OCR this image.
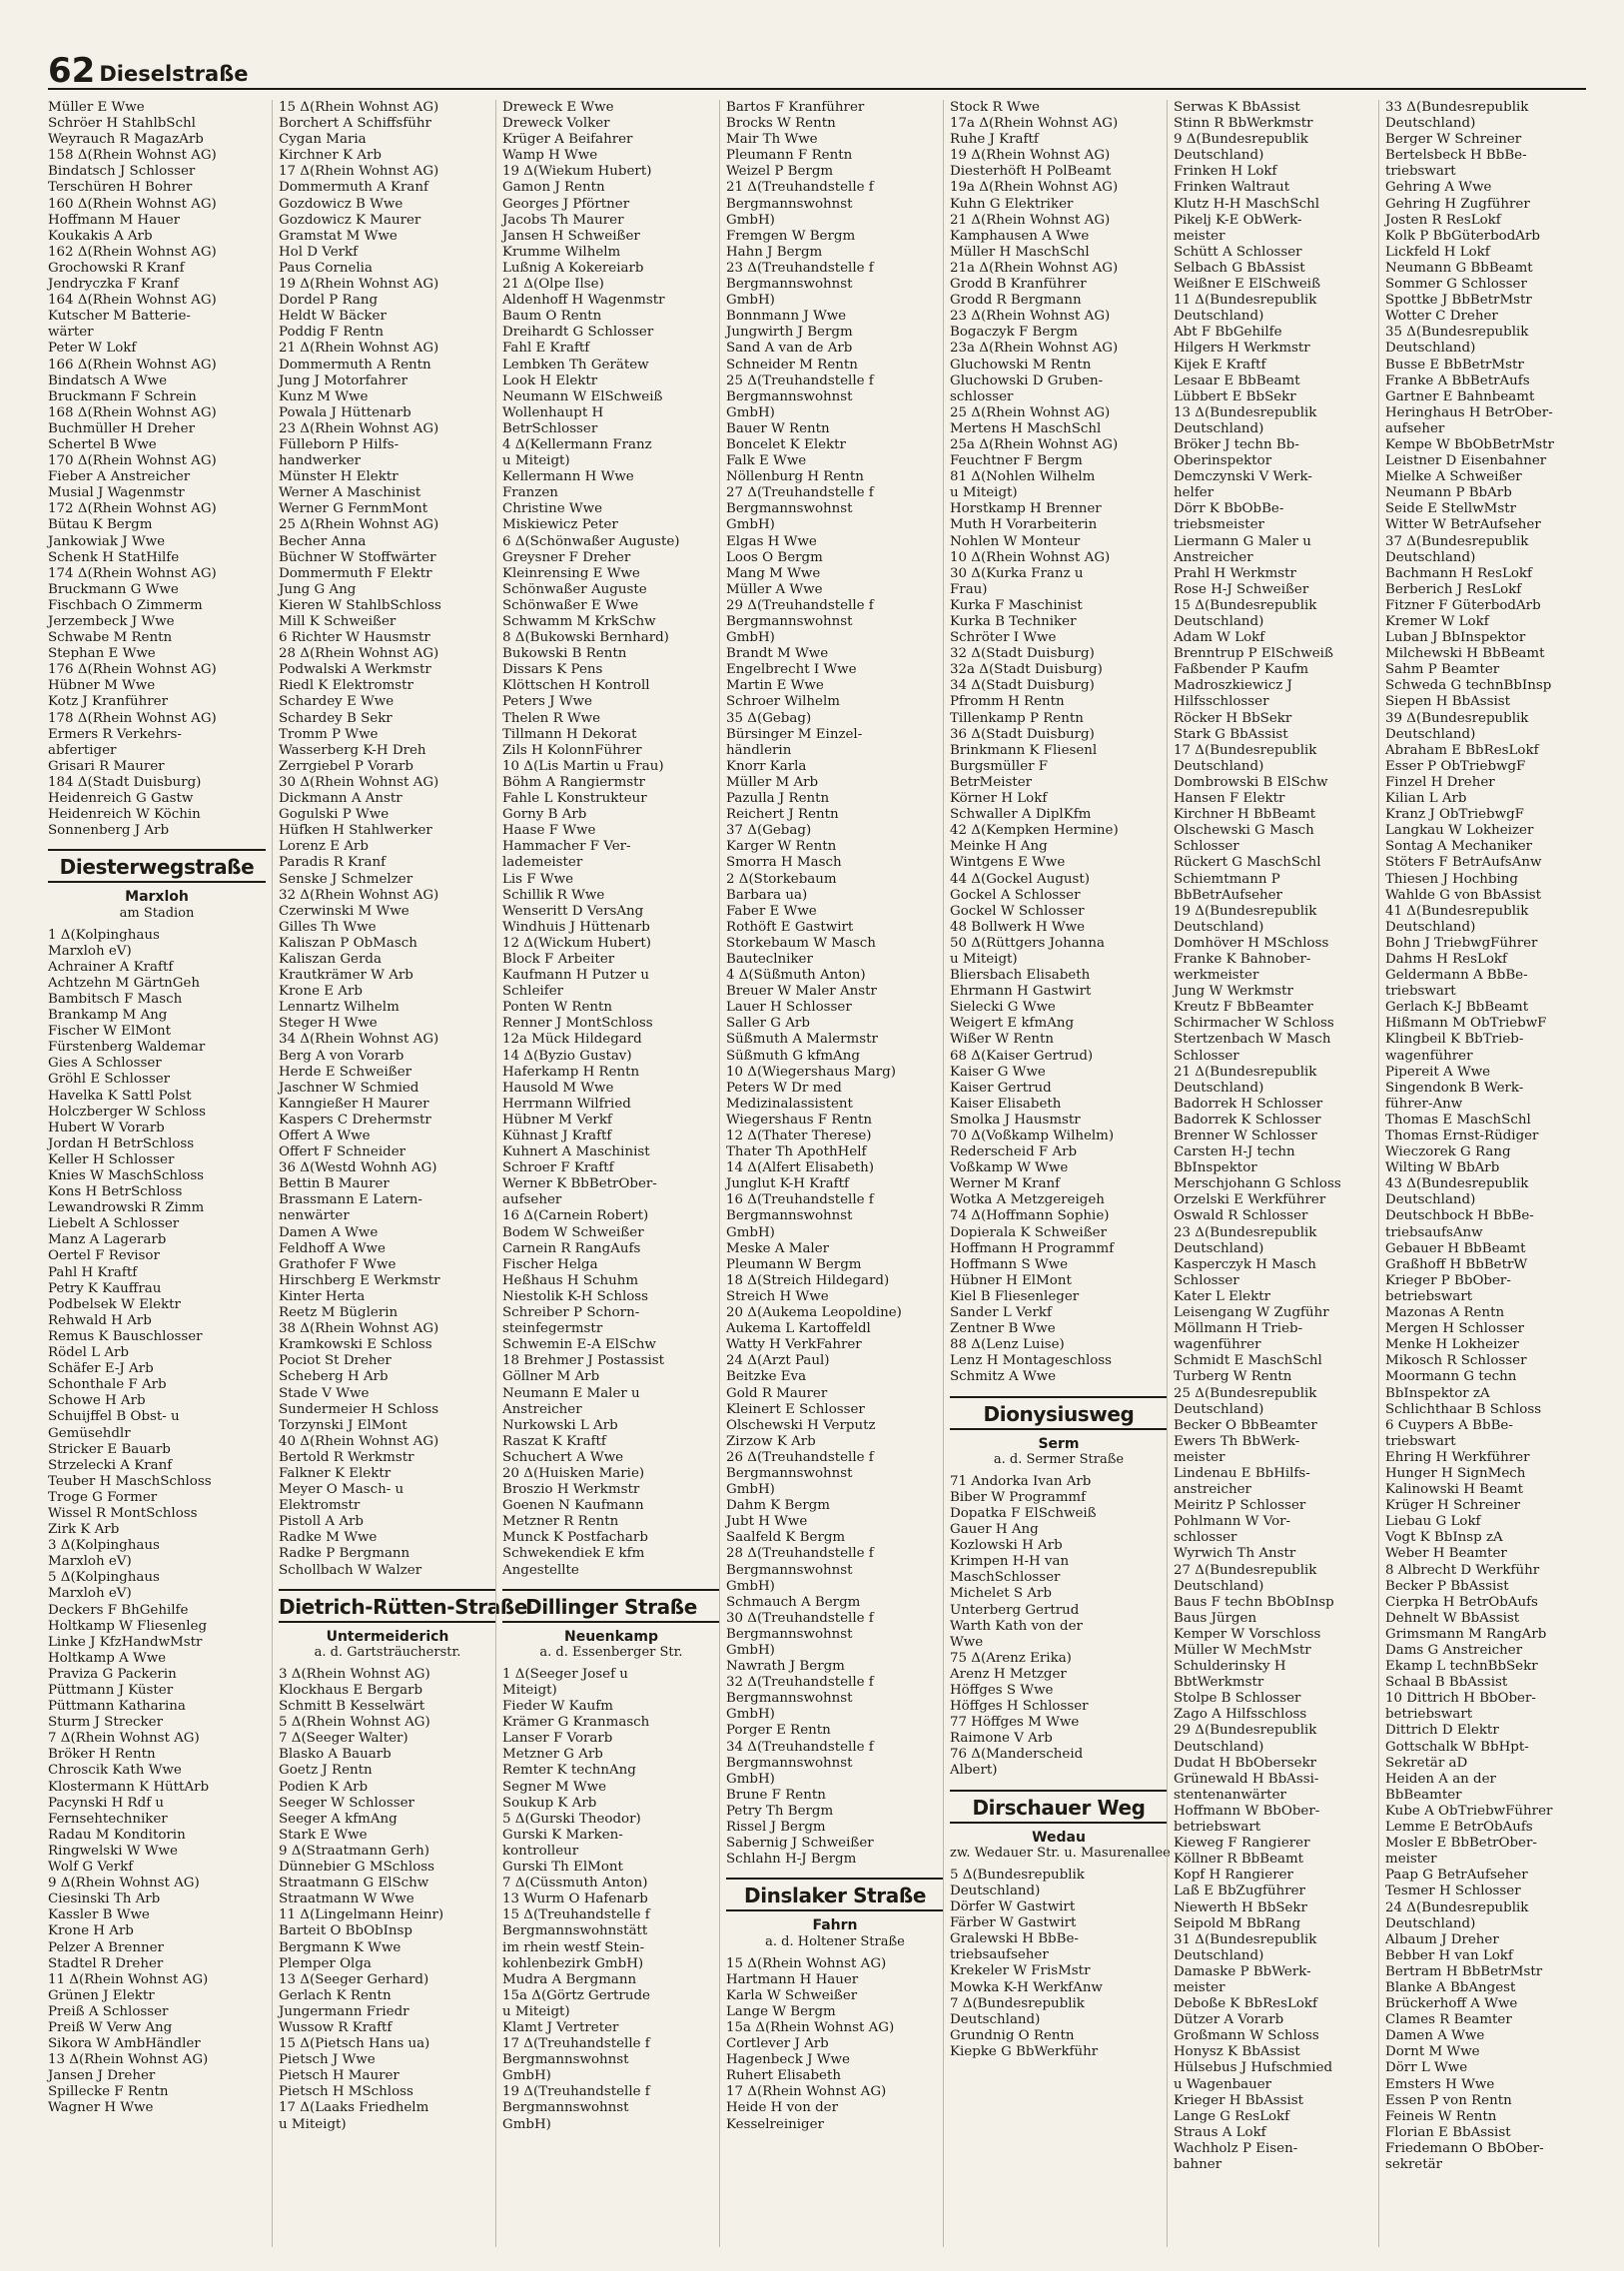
62 Dieselstraße
Müller E Wwe
Schröer H StahlbSchl
Weyrauch R MagazArb
158 Δ(Rhein Wohnst AG)
Bindatsch J Schlosser
Terschüren H Bohrer
160 Δ(Rhein Wohnst AG)
Hoffmann M Hauer
Koukakis A Arb
162 Δ(Rhein Wohnst AG)
Grochowski R Kranf
Jendryczka F Kranf
164 Δ(Rhein Wohnst AG)
Kutscher M Batterie-
wärter
Peter W Lokf
166 Δ(Rhein Wohnst AG)
Bindatsch A Wwe
Bruckmann F Schrein
168 Δ(Rhein Wohnst AG)
Buchmüller H Dreher
Schertel B Wwe
170 Δ(Rhein Wohnst AG)
Fieber A Anstreicher
Musial J Wagenmstr
172 Δ(Rhein Wohnst AG)
Bütau K Bergm
Jankowiak J Wwe
Schenk H StatHilfe
174 Δ(Rhein Wohnst AG)
Bruckmann G Wwe
Fischbach O Zimmerm
Jerzembeck J Wwe
Schwabe M Rentn
Stephan E Wwe
176 Δ(Rhein Wohnst AG)
Hübner M Wwe
Kotz J Kranführer
178 Δ(Rhein Wohnst AG)
Ermers R Verkehrs-
abfertiger
Grisari R Maurer
184 Δ(Stadt Duisburg)
Heidenreich G Gastw
Heidenreich W Köchin
Sonnenberg J Arb
Diesterwegstraße
Marxloh
am Stadion
1 Δ(Kolpinghaus
Marxloh eV)
Achrainer A Kraftf
Achtzehn M GärtnGeh
Bambitsch F Masch
Brankamp M Ang
Fischer W ElMont
Fürstenberg Waldemar
Gies A Schlosser
Gröhl E Schlosser
Havelka K Sattl Polst
Holczberger W Schloss
Hubert W Vorarb
Jordan H BetrSchloss
Keller H Schlosser
Knies W MaschSchloss
Kons H BetrSchloss
Lewandrowski R Zimm
Liebelt A Schlosser
Manz A Lagerarb
Oertel F Revisor
Pahl H Kraftf
Petry K Kauffrau
Podbelsek W Elektr
Rehwald H Arb
Remus K Bauschlosser
Rödel L Arb
Schäfer E-J Arb
Schonthale F Arb
Schowe H Arb
Schuijffel B Obst- u
Gemüsehdlr
Stricker E Bauarb
Strzelecki A Kranf
Teuber H MaschSchloss
Troge G Former
Wissel R MontSchloss
Zirk K Arb
3 Δ(Kolpinghaus
Marxloh eV)
5 Δ(Kolpinghaus
Marxloh eV)
Deckers F BhGehilfe
Holtkamp W Fliesenleg
Linke J KfzHandwMstr
Holtkamp A Wwe
Praviza G Packerin
Püttmann J Küster
Püttmann Katharina
Sturm J Strecker
7 Δ(Rhein Wohnst AG)
Bröker H Rentn
Chroscik Kath Wwe
Klostermann K HüttArb
Pacynski H Rdf u
Fernsehtechniker
Radau M Konditorin
Ringwelski W Wwe
Wolf G Verkf
9 Δ(Rhein Wohnst AG)
Ciesinski Th Arb
Kassler B Wwe
Krone H Arb
Pelzer A Brenner
Stadtel R Dreher
11 Δ(Rhein Wohnst AG)
Grünen J Elektr
Preiß A Schlosser
Preiß W Verw Ang
Sikora W AmbHändler
13 Δ(Rhein Wohnst AG)
Jansen J Dreher
Spillecke F Rentn
Wagner H Wwe
15 Δ(Rhein Wohnst AG)
Borchert A Schiffsführ
Cygan Maria
Kirchner K Arb
17 Δ(Rhein Wohnst AG)
Dommermuth A Kranf
Gozdowicz B Wwe
Gozdowicz K Maurer
Gramstat M Wwe
Hol D Verkf
Paus Cornelia
19 Δ(Rhein Wohnst AG)
Dordel P Rang
Heldt W Bäcker
Poddig F Rentn
21 Δ(Rhein Wohnst AG)
Dommermuth A Rentn
Jung J Motorfahrer
Kunz M Wwe
Powala J Hüttenarb
23 Δ(Rhein Wohnst AG)
Fülleborn P Hilfs-
handwerker
Münster H Elektr
Werner A Maschinist
Werner G FernmMont
25 Δ(Rhein Wohnst AG)
Becher Anna
Büchner W Stoffwärter
Dommermuth F Elektr
Jung G Ang
Kieren W StahlbSchloss
Mill K Schweißer
6 Richter W Hausmstr
28 Δ(Rhein Wohnst AG)
Podwalski A Werkmstr
Riedl K Elektromstr
Schardey E Wwe
Schardey B Sekr
Tromm P Wwe
Wasserberg K-H Dreh
Zerrgiebel P Vorarb
30 Δ(Rhein Wohnst AG)
Dickmann A Anstr
Gogulski P Wwe
Hüfken H Stahlwerker
Lorenz E Arb
Paradis R Kranf
Senske J Schmelzer
32 Δ(Rhein Wohnst AG)
Czerwinski M Wwe
Gilles Th Wwe
Kaliszan P ObMasch
Kaliszan Gerda
Krautkrämer W Arb
Krone E Arb
Lennartz Wilhelm
Steger H Wwe
34 Δ(Rhein Wohnst AG)
Berg A von Vorarb
Herde E Schweißer
Jaschner W Schmied
Kanngießer H Maurer
Kaspers C Drehermstr
Offert A Wwe
Offert F Schneider
36 Δ(Westd Wohnh AG)
Bettin B Maurer
Brassmann E Latern-
nenwärter
Damen A Wwe
Feldhoff A Wwe
Grathofer F Wwe
Hirschberg E Werkmstr
Kinter Herta
Reetz M Büglerin
38 Δ(Rhein Wohnst AG)
Kramkowski E Schloss
Pociot St Dreher
Scheberg H Arb
Stade V Wwe
Sundermeier H Schloss
Torzynski J ElMont
40 Δ(Rhein Wohnst AG)
Bertold R Werkmstr
Falkner K Elektr
Meyer O Masch- u
Elektromstr
Pistoll A Arb
Radke M Wwe
Radke P Bergmann
Schollbach W Walzer
Dietrich-Rütten-Straße
Untermeiderich
a. d. Gartsträucherstr.
3 Δ(Rhein Wohnst AG)
Klockhaus E Bergarb
Schmitt B Kesselwärt
5 Δ(Rhein Wohnst AG)
7 Δ(Seeger Walter)
Blasko A Bauarb
Goetz J Rentn
Podien K Arb
Seeger W Schlosser
Seeger A kfmAng
Stark E Wwe
9 Δ(Straatmann Gerh)
Dünnebier G MSchloss
Straatmann G ElSchw
Straatmann W Wwe
11 Δ(Lingelmann Heinr)
Barteit O BbObInsp
Bergmann K Wwe
Plemper Olga
13 Δ(Seeger Gerhard)
Gerlach K Rentn
Jungermann Friedr
Wussow R Kraftf
15 Δ(Pietsch Hans ua)
Pietsch J Wwe
Pietsch H Maurer
Pietsch H MSchloss
17 Δ(Laaks Friedhelm
u Miteigt)
Dreweck E Wwe
Dreweck Volker
Krüger A Beifahrer
Wamp H Wwe
19 Δ(Wiekum Hubert)
Gamon J Rentn
Georges J Pförtner
Jacobs Th Maurer
Jansen H Schweißer
Krumme Wilhelm
Lußnig A Kokereiarb
21 Δ(Olpe Ilse)
Aldenhoff H Wagenmstr
Baum O Rentn
Dreihardt G Schlosser
Fahl E Kraftf
Lembken Th Gerätew
Look H Elektr
Neumann W ElSchweiß
Wollenhaupt H
BetrSchlosser
4 Δ(Kellermann Franz
u Miteigt)
Kellermann H Wwe
Franzen
Christine Wwe
Miskiewicz Peter
6 Δ(Schönwaßer Auguste)
Greysner F Dreher
Kleinrensing E Wwe
Schönwaßer Auguste
Schönwaßer E Wwe
Schwamm M KrkSchw
8 Δ(Bukowski Bernhard)
Bukowski B Rentn
Dissars K Pens
Klöttschen H Kontroll
Peters J Wwe
Thelen R Wwe
Tillmann H Dekorat
Zils H KolonnFührer
10 Δ(Lis Martin u Frau)
Böhm A Rangiermstr
Fahle L Konstrukteur
Gorny B Arb
Haase F Wwe
Hammacher F Ver-
lademeister
Lis F Wwe
Schillik R Wwe
Wenseritt D VersAng
Windhuis J Hüttenarb
12 Δ(Wickum Hubert)
Block F Arbeiter
Kaufmann H Putzer u
Schleifer
Ponten W Rentn
Renner J MontSchloss
12a Mück Hildegard
14 Δ(Byzio Gustav)
Haferkamp H Rentn
Hausold M Wwe
Herrmann Wilfried
Hübner M Verkf
Kühnast J Kraftf
Kuhnert A Maschinist
Schroer F Kraftf
Werner K BbBetrOber-
aufseher
16 Δ(Carnein Robert)
Bodem W Schweißer
Carnein R RangAufs
Fischer Helga
Heßhaus H Schuhm
Niestolik K-H Schloss
Schreiber P Schorn-
steinfegermstr
Schwemin E-A ElSchw
18 Brehmer J Postassist
Göllner M Arb
Neumann E Maler u
Anstreicher
Nurkowski L Arb
Raszat K Kraftf
Schuchert A Wwe
20 Δ(Huisken Marie)
Broszio H Werkmstr
Goenen N Kaufmann
Metzner R Rentn
Munck K Postfacharb
Schwekendiek E kfm
Angestellte
Dillinger Straße
Neuenkamp
a. d. Essenberger Str.
1 Δ(Seeger Josef u
Miteigt)
Fieder W Kaufm
Krämer G Kranmasch
Lanser F Vorarb
Metzner G Arb
Remter K technAng
Segner M Wwe
Soukup K Arb
5 Δ(Gurski Theodor)
Gurski K Marken-
kontrolleur
Gurski Th ElMont
7 Δ(Cüssmuth Anton)
13 Wurm O Hafenarb
15 Δ(Treuhandstelle f
Bergmannswohnstätt
im rhein westf Stein-
kohlenbezirk GmbH)
Mudra A Bergmann
15a Δ(Görtz Gertrude
u Miteigt)
Klamt J Vertreter
17 Δ(Treuhandstelle f
Bergmannswohnst
GmbH)
19 Δ(Treuhandstelle f
Bergmannswohnst
GmbH)
Bartos F Kranführer
Brocks W Rentn
Mair Th Wwe
Pleumann F Rentn
Weizel P Bergm
21 Δ(Treuhandstelle f
Bergmannswohnst
GmbH)
Fremgen W Bergm
Hahn J Bergm
23 Δ(Treuhandstelle f
Bergmannswohnst
GmbH)
Bonnmann J Wwe
Jungwirth J Bergm
Sand A van de Arb
Schneider M Rentn
25 Δ(Treuhandstelle f
Bergmannswohnst
GmbH)
Bauer W Rentn
Boncelet K Elektr
Falk E Wwe
Nöllenburg H Rentn
27 Δ(Treuhandstelle f
Bergmannswohnst
GmbH)
Elgas H Wwe
Loos O Bergm
Mang M Wwe
Müller A Wwe
29 Δ(Treuhandstelle f
Bergmannswohnst
GmbH)
Brandt M Wwe
Engelbrecht I Wwe
Martin E Wwe
Schroer Wilhelm
35 Δ(Gebag)
Bürsinger M Einzel-
händlerin
Knorr Karla
Müller M Arb
Pazulla J Rentn
Reichert J Rentn
37 Δ(Gebag)
Karger W Rentn
Smorra H Masch
2 Δ(Storkebaum
Barbara ua)
Faber E Wwe
Rothöft E Gastwirt
Storkebaum W Masch
Bauteclniker
4 Δ(Süßmuth Anton)
Breuer W Maler Anstr
Lauer H Schlosser
Saller G Arb
Süßmuth A Malermstr
Süßmuth G kfmAng
10 Δ(Wiegershaus Marg)
Peters W Dr med
Medizinalassistent
Wiegershaus F Rentn
12 Δ(Thater Therese)
Thater Th ApothHelf
14 Δ(Alfert Elisabeth)
Junglut K-H Kraftf
16 Δ(Treuhandstelle f
Bergmannswohnst
GmbH)
Meske A Maler
Pleumann W Bergm
18 Δ(Streich Hildegard)
Streich H Wwe
20 Δ(Aukema Leopoldine)
Aukema L Kartoffeldl
Watty H VerkFahrer
24 Δ(Arzt Paul)
Beitzke Eva
Gold R Maurer
Kleinert E Schlosser
Olschewski H Verputz
Zirzow K Arb
26 Δ(Treuhandstelle f
Bergmannswohnst
GmbH)
Dahm K Bergm
Jubt H Wwe
Saalfeld K Bergm
28 Δ(Treuhandstelle f
Bergmannswohnst
GmbH)
Schmauch A Bergm
30 Δ(Treuhandstelle f
Bergmannswohnst
GmbH)
Nawrath J Bergm
32 Δ(Treuhandstelle f
Bergmannswohnst
GmbH)
Porger E Rentn
34 Δ(Treuhandstelle f
Bergmannswohnst
GmbH)
Brune F Rentn
Petry Th Bergm
Rissel J Bergm
Sabernig J Schweißer
Schlahn H-J Bergm
Dinslaker Straße
Fahrn
a. d. Holtener Straße
15 Δ(Rhein Wohnst AG)
Hartmann H Hauer
Karla W Schweißer
Lange W Bergm
15a Δ(Rhein Wohnst AG)
Cortlever J Arb
Hagenbeck J Wwe
Ruhert Elisabeth
17 Δ(Rhein Wohnst AG)
Heide H von der
Kesselreiniger
Stock R Wwe
17a Δ(Rhein Wohnst AG)
Ruhe J Kraftf
19 Δ(Rhein Wohnst AG)
Diesterhöft H PolBeamt
19a Δ(Rhein Wohnst AG)
Kuhn G Elektriker
21 Δ(Rhein Wohnst AG)
Kamphausen A Wwe
Müller H MaschSchl
21a Δ(Rhein Wohnst AG)
Grodd B Kranführer
Grodd R Bergmann
23 Δ(Rhein Wohnst AG)
Bogaczyk F Bergm
23a Δ(Rhein Wohnst AG)
Gluchowski M Rentn
Gluchowski D Gruben-
schlosser
25 Δ(Rhein Wohnst AG)
Mertens H MaschSchl
25a Δ(Rhein Wohnst AG)
Feuchtner F Bergm
81 Δ(Nohlen Wilhelm
u Miteigt)
Horstkamp H Brenner
Muth H Vorarbeiterin
Nohlen W Monteur
10 Δ(Rhein Wohnst AG)
30 Δ(Kurka Franz u
Frau)
Kurka F Maschinist
Kurka B Techniker
Schröter I Wwe
32 Δ(Stadt Duisburg)
32a Δ(Stadt Duisburg)
34 Δ(Stadt Duisburg)
Pfromm H Rentn
Tillenkamp P Rentn
36 Δ(Stadt Duisburg)
Brinkmann K Fliesenl
Burgsmüller F
BetrMeister
Körner H Lokf
Schwaller A DiplKfm
42 Δ(Kempken Hermine)
Meinke H Ang
Wintgens E Wwe
44 Δ(Gockel August)
Gockel A Schlosser
Gockel W Schlosser
48 Bollwerk H Wwe
50 Δ(Rüttgers Johanna
u Miteigt)
Bliersbach Elisabeth
Ehrmann H Gastwirt
Sielecki G Wwe
Weigert E kfmAng
Wißer W Rentn
68 Δ(Kaiser Gertrud)
Kaiser G Wwe
Kaiser Gertrud
Kaiser Elisabeth
Smolka J Hausmstr
70 Δ(Voßkamp Wilhelm)
Rederscheid F Arb
Voßkamp W Wwe
Werner M Kranf
Wotka A Metzgereigeh
74 Δ(Hoffmann Sophie)
Dopierala K Schweißer
Hoffmann H Programmf
Hoffmann S Wwe
Hübner H ElMont
Kiel B Fliesenleger
Sander L Verkf
Zentner B Wwe
88 Δ(Lenz Luise)
Lenz H Montageschloss
Schmitz A Wwe
Dionysiusweg
Serm
a. d. Sermer Straße
71 Andorka Ivan Arb
Biber W Programmf
Dopatka F ElSchweiß
Gauer H Ang
Kozlowski H Arb
Krimpen H-H van
MaschSchlosser
Michelet S Arb
Unterberg Gertrud
Warth Kath von der
Wwe
75 Δ(Arenz Erika)
Arenz H Metzger
Höffges S Wwe
Höffges H Schlosser
77 Höffges M Wwe
Raimone V Arb
76 Δ(Manderscheid
Albert)
Dirschauer Weg
Wedau
zw. Wedauer Str. u. Masurenallee
5 Δ(Bundesrepublik
Deutschland)
Dörfer W Gastwirt
Färber W Gastwirt
Gralewski H BbBe-
triebsaufseher
Krekeler W FrisMstr
Mowka K-H WerkfAnw
7 Δ(Bundesrepublik
Deutschland)
Grundnig O Rentn
Kiepke G BbWerkführ
Serwas K BbAssist
Stinn R BbWerkmstr
9 Δ(Bundesrepublik
Deutschland)
Frinken H Lokf
Frinken Waltraut
Klutz H-H MaschSchl
Pikelj K-E ObWerk-
meister
Schütt A Schlosser
Selbach G BbAssist
Weißner E ElSchweiß
11 Δ(Bundesrepublik
Deutschland)
Abt F BbGehilfe
Hilgers H Werkmstr
Kijek E Kraftf
Lesaar E BbBeamt
Lübbert E BbSekr
13 Δ(Bundesrepublik
Deutschland)
Bröker J techn Bb-
Oberinspektor
Demczynski V Werk-
helfer
Dörr K BbObBe-
triebsmeister
Liermann G Maler u
Anstreicher
Prahl H Werkmstr
Rose H-J Schweißer
15 Δ(Bundesrepublik
Deutschland)
Adam W Lokf
Brenntrup P ElSchweiß
Faßbender P Kaufm
Madroszkiewicz J
Hilfsschlosser
Röcker H BbSekr
Stark G BbAssist
17 Δ(Bundesrepublik
Deutschland)
Dombrowski B ElSchw
Hansen F Elektr
Kirchner H BbBeamt
Olschewski G Masch
Schlosser
Rückert G MaschSchl
Schiemtmann P
BbBetrAufseher
19 Δ(Bundesrepublik
Deutschland)
Domhöver H MSchloss
Franke K Bahnober-
werkmeister
Jung W Werkmstr
Kreutz F BbBeamter
Schirmacher W Schloss
Stertzenbach W Masch
Schlosser
21 Δ(Bundesrepublik
Deutschland)
Badorrek H Schlosser
Badorrek K Schlosser
Brenner W Schlosser
Carsten H-J techn
BbInspektor
Merschjohann G Schloss
Orzelski E Werkführer
Oswald R Schlosser
23 Δ(Bundesrepublik
Deutschland)
Kasperczyk H Masch
Schlosser
Kater L Elektr
Leisengang W Zugführ
Möllmann H Trieb-
wagenführer
Schmidt E MaschSchl
Turberg W Rentn
25 Δ(Bundesrepublik
Deutschland)
Becker O BbBeamter
Ewers Th BbWerk-
meister
Lindenau E BbHilfs-
anstreicher
Meiritz P Schlosser
Pohlmann W Vor-
schlosser
Wyrwich Th Anstr
27 Δ(Bundesrepublik
Deutschland)
Baus F techn BbObInsp
Baus Jürgen
Kemper W Vorschloss
Müller W MechMstr
Schulderinsky H
BbtWerkmstr
Stolpe B Schlosser
Zago A Hilfsschloss
29 Δ(Bundesrepublik
Deutschland)
Dudat H BbObersekr
Grünewald H BbAssi-
stentenanwärter
Hoffmann W BbOber-
betriebswart
Kieweg F Rangierer
Köllner R BbBeamt
Kopf H Rangierer
Laß E BbZugführer
Niewerth H BbSekr
Seipold M BbRang
31 Δ(Bundesrepublik
Deutschland)
Damaske P BbWerk-
meister
Deboße K BbResLokf
Dützer A Vorarb
Großmann W Schloss
Honysz K BbAssist
Hülsebus J Hufschmied
u Wagenbauer
Krieger H BbAssist
Lange G ResLokf
Straus A Lokf
Wachholz P Eisen-
bahner
33 Δ(Bundesrepublik
Deutschland)
Berger W Schreiner
Bertelsbeck H BbBe-
triebswart
Gehring A Wwe
Gehring H Zugführer
Josten R ResLokf
Kolk P BbGüterbodArb
Lickfeld H Lokf
Neumann G BbBeamt
Sommer G Schlosser
Spottke J BbBetrMstr
Wotter C Dreher
35 Δ(Bundesrepublik
Deutschland)
Busse E BbBetrMstr
Franke A BbBetrAufs
Gartner E Bahnbeamt
Heringhaus H BetrOber-
aufseher
Kempe W BbObBetrMstr
Leistner D Eisenbahner
Mielke A Schweißer
Neumann P BbArb
Seide E StellwMstr
Witter W BetrAufseher
37 Δ(Bundesrepublik
Deutschland)
Bachmann H ResLokf
Berberich J ResLokf
Fitzner F GüterbodArb
Kremer W Lokf
Luban J BbInspektor
Milchewski H BbBeamt
Sahm P Beamter
Schweda G technBbInsp
Siepen H BbAssist
39 Δ(Bundesrepublik
Deutschland)
Abraham E BbResLokf
Esser P ObTriebwgF
Finzel H Dreher
Kilian L Arb
Kranz J ObTriebwgF
Langkau W Lokheizer
Sontag A Mechaniker
Stöters F BetrAufsAnw
Thiesen J Hochbing
Wahlde G von BbAssist
41 Δ(Bundesrepublik
Deutschland)
Bohn J TriebwgFührer
Dahms H ResLokf
Geldermann A BbBe-
triebswart
Gerlach K-J BbBeamt
Hißmann M ObTriebwF
Klingbeil K BbTrieb-
wagenführer
Pipereit A Wwe
Singendonk B Werk-
führer-Anw
Thomas E MaschSchl
Thomas Ernst-Rüdiger
Wieczorek G Rang
Wilting W BbArb
43 Δ(Bundesrepublik
Deutschland)
Deutschbock H BbBe-
triebsaufsAnw
Gebauer H BbBeamt
Graßhoff H BbBetrW
Krieger P BbOber-
betriebswart
Mazonas A Rentn
Mergen H Schlosser
Menke H Lokheizer
Mikosch R Schlosser
Moormann G techn
BbInspektor zA
Schlichthaar B Schloss
6 Cuypers A BbBe-
triebswart
Ehring H Werkführer
Hunger H SignMech
Kalinowski H Beamt
Krüger H Schreiner
Liebau G Lokf
Vogt K BbInsp zA
Weber H Beamter
8 Albrecht D Werkführ
Becker P BbAssist
Cierpka H BetrObAufs
Dehnelt W BbAssist
Grimsmann M RangArb
Dams G Anstreicher
Ekamp L technBbSekr
Schaal B BbAssist
10 Dittrich H BbOber-
betriebswart
Dittrich D Elektr
Gottschalk W BbHpt-
Sekretär aD
Heiden A an der
BbBeamter
Kube A ObTriebwFührer
Lemme E BetrObAufs
Mosler E BbBetrOber-
meister
Paap G BetrAufseher
Tesmer H Schlosser
24 Δ(Bundesrepublik
Deutschland)
Albaum J Dreher
Bebber H van Lokf
Bertram H BbBetrMstr
Blanke A BbAngest
Brückerhoff A Wwe
Clames R Beamter
Damen A Wwe
Dornt M Wwe
Dörr L Wwe
Emsters H Wwe
Essen P von Rentn
Feineis W Rentn
Florian E BbAssist
Friedemann O BbOber-
sekretär
